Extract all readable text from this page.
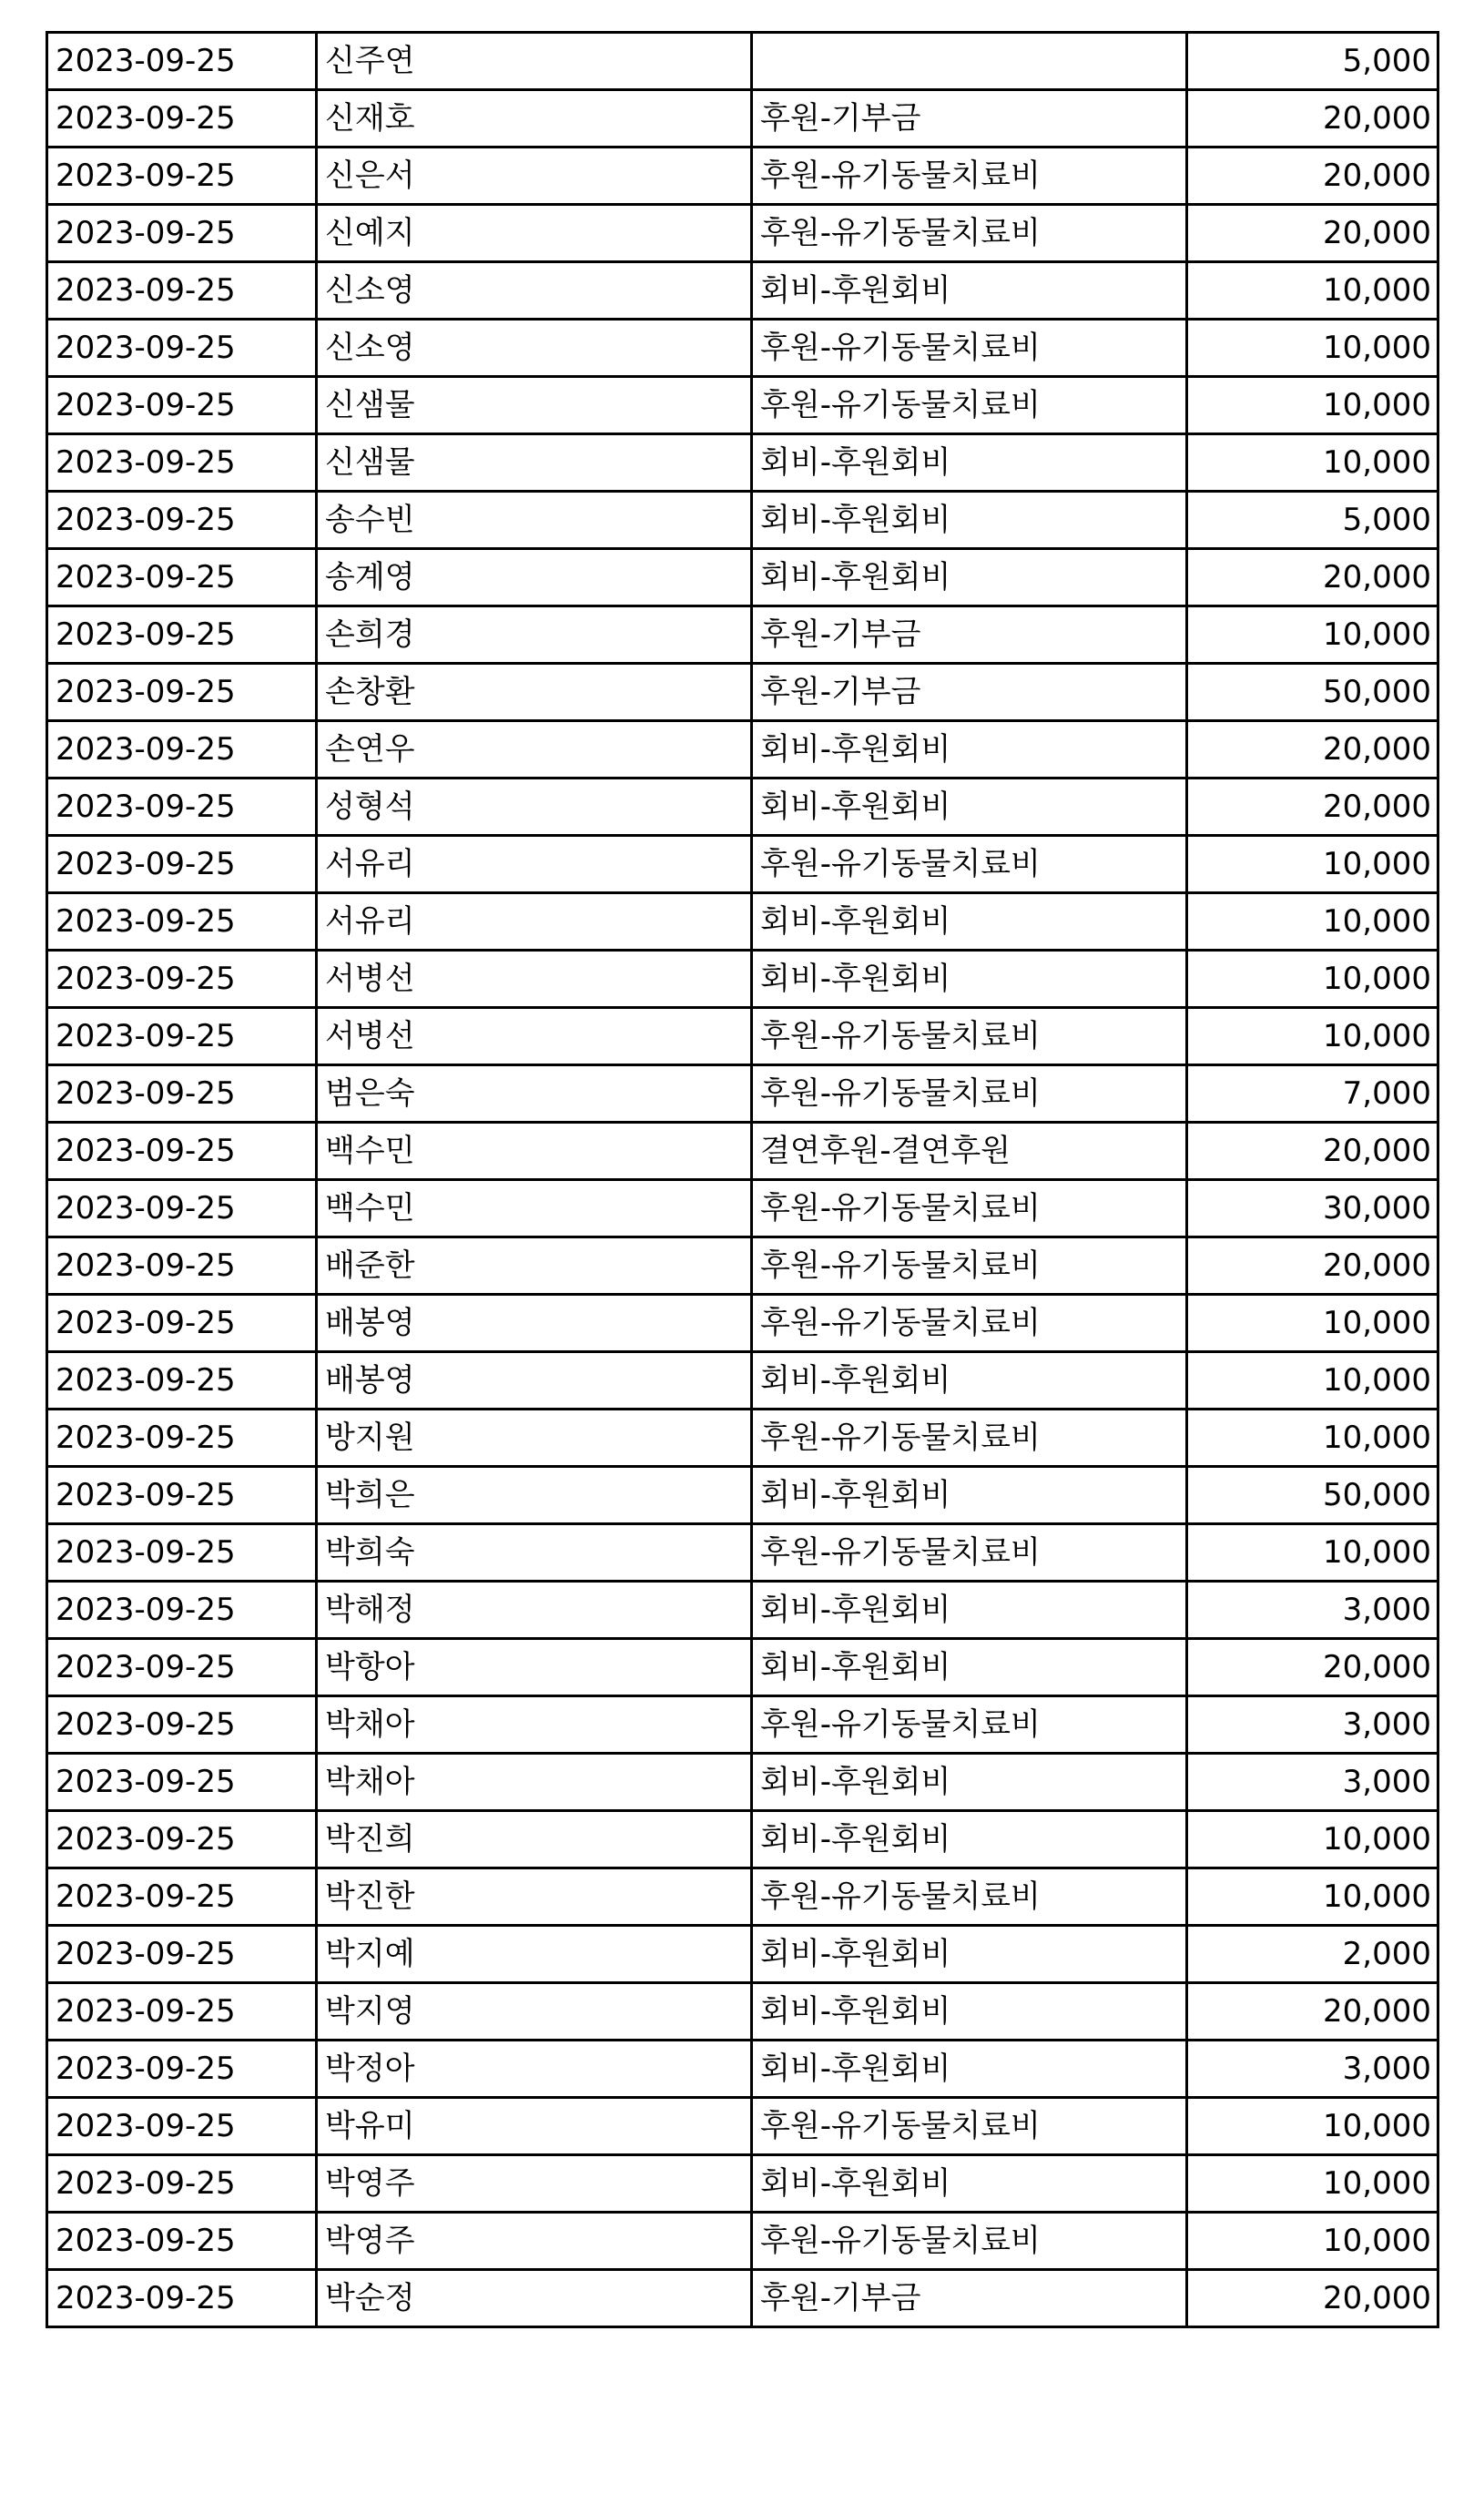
2023-09-25	신주연		5,000
2023-09-25	신재호	후원-기부금	20,000
2023-09-25	신은서	후원-유기동물치료비	20,000
2023-09-25	신예지	후원-유기동물치료비	20,000
2023-09-25	신소영	회비-후원회비	10,000
2023-09-25	신소영	후원-유기동물치료비	10,000
2023-09-25	신샘물	후원-유기동물치료비	10,000
2023-09-25	신샘물	회비-후원회비	10,000
2023-09-25	송수빈	회비-후원회비	5,000
2023-09-25	송계영	회비-후원회비	20,000
2023-09-25	손희경	후원-기부금	10,000
2023-09-25	손창환	후원-기부금	50,000
2023-09-25	손연우	회비-후원회비	20,000
2023-09-25	성형석	회비-후원회비	20,000
2023-09-25	서유리	후원-유기동물치료비	10,000
2023-09-25	서유리	회비-후원회비	10,000
2023-09-25	서병선	회비-후원회비	10,000
2023-09-25	서병선	후원-유기동물치료비	10,000
2023-09-25	범은숙	후원-유기동물치료비	7,000
2023-09-25	백수민	결연후원-결연후원	20,000
2023-09-25	백수민	후원-유기동물치료비	30,000
2023-09-25	배준한	후원-유기동물치료비	20,000
2023-09-25	배봉영	후원-유기동물치료비	10,000
2023-09-25	배봉영	회비-후원회비	10,000
2023-09-25	방지원	후원-유기동물치료비	10,000
2023-09-25	박희은	회비-후원회비	50,000
2023-09-25	박희숙	후원-유기동물치료비	10,000
2023-09-25	박해정	회비-후원회비	3,000
2023-09-25	박항아	회비-후원회비	20,000
2023-09-25	박채아	후원-유기동물치료비	3,000
2023-09-25	박채아	회비-후원회비	3,000
2023-09-25	박진희	회비-후원회비	10,000
2023-09-25	박진한	후원-유기동물치료비	10,000
2023-09-25	박지예	회비-후원회비	2,000
2023-09-25	박지영	회비-후원회비	20,000
2023-09-25	박정아	회비-후원회비	3,000
2023-09-25	박유미	후원-유기동물치료비	10,000
2023-09-25	박영주	회비-후원회비	10,000
2023-09-25	박영주	후원-유기동물치료비	10,000
2023-09-25	박순정	후원-기부금	20,000
